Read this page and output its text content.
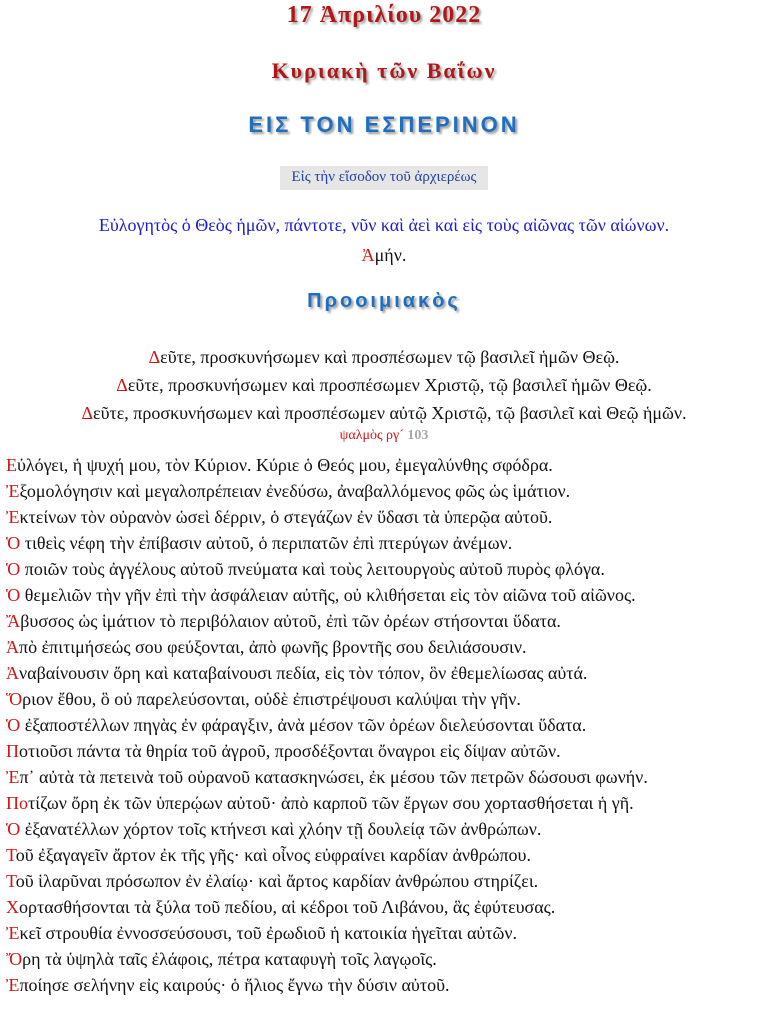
17 Ἀπριλίου 2022
Κυριακὴ τῶν Βαΐων
ΕΙΣ ΤΟΝ ΕΣΠΕΡΙΝΟΝ
Εἰς τὴν εἴσοδον τοῦ ἀρχιερέως
Εὐλογητὸς ὁ Θεὸς ἡμῶν, πάντοτε, νῦν καὶ ἀεὶ καὶ εἰς τοὺς αἰῶνας τῶν αἰώνων.
Ἀμήν.
Προοιμιακὸς
Δεῦτε, προσκυνήσωμεν καὶ προσπέσωμεν τῷ βασιλεῖ ἡμῶν Θεῷ.
Δεῦτε, προσκυνήσωμεν καὶ προσπέσωμεν Χριστῷ, τῷ βασιλεῖ ἡμῶν Θεῷ.
Δεῦτε, προσκυνήσωμεν καὶ προσπέσωμεν αὐτῷ Χριστῷ, τῷ βασιλεῖ καὶ Θεῷ ἡμῶν.
ψαλμὸς ργ´ 103
Εὐλόγει, ἡ ψυχή μου, τὸν Κύριον. Κύριε ὁ Θεός μου, ἐμεγαλύνθης σφόδρα.
Ἐξομολόγησιν καὶ μεγαλοπρέπειαν ἐνεδύσω, ἀναβαλλόμενος φῶς ὡς ἱμάτιον.
Ἐκτείνων τὸν οὐρανὸν ὡσεὶ δέρριν, ὁ στεγάζων ἐν ὕδασι τὰ ὑπερῷα αὐτοῦ.
Ὁ τιθεὶς νέφη τὴν ἐπίβασιν αὐτοῦ, ὁ περιπατῶν ἐπὶ πτερύγων ἀνέμων.
Ὁ ποιῶν τοὺς ἀγγέλους αὐτοῦ πνεύματα καὶ τοὺς λειτουργοὺς αὐτοῦ πυρὸς φλόγα.
Ὁ θεμελιῶν τὴν γῆν ἐπὶ τὴν ἀσφάλειαν αὐτῆς, οὐ κλιθήσεται εἰς τὸν αἰῶνα τοῦ αἰῶνος.
Ἄβυσσος ὡς ἱμάτιον τὸ περιβόλαιον αὐτοῦ, ἐπὶ τῶν ὀρέων στήσονται ὕδατα.
Ἀπὸ ἐπιτιμήσεώς σου φεύξονται, ἀπὸ φωνῆς βροντῆς σου δειλιάσουσιν.
Ἀναβαίνουσιν ὄρη καὶ καταβαίνουσι πεδία, εἰς τὸν τόπον, ὃν ἐθεμελίωσας αὐτά.
Ὅριον ἔθου, ὃ οὐ παρελεύσονται, οὐδὲ ἐπιστρέψουσι καλύψαι τὴν γῆν.
Ὁ ἐξαποστέλλων πηγὰς ἐν φάραγξιν, ἀνὰ μέσον τῶν ὀρέων διελεύσονται ὕδατα.
Ποτιοῦσι πάντα τὰ θηρία τοῦ ἀγροῦ, προσδέξονται ὄναγροι εἰς δίψαν αὐτῶν.
Ἐπ᾽ αὐτὰ τὰ πετεινὰ τοῦ οὐρανοῦ κατασκηνώσει, ἐκ μέσου τῶν πετρῶν δώσουσι φωνήν.
Ποτίζων ὄρη ἐκ τῶν ὑπερῴων αὐτοῦ· ἀπὸ καρποῦ τῶν ἔργων σου χορτασθήσεται ἡ γῆ.
Ὁ ἐξανατέλλων χόρτον τοῖς κτήνεσι καὶ χλόην τῇ δουλείᾳ τῶν ἀνθρώπων.
Τοῦ ἐξαγαγεῖν ἄρτον ἐκ τῆς γῆς· καὶ οἶνος εὐφραίνει καρδίαν ἀνθρώπου.
Τοῦ ἱλαρῦναι πρόσωπον ἐν ἐλαίῳ· καὶ ἄρτος καρδίαν ἀνθρώπου στηρίζει.
Χορτασθήσονται τὰ ξύλα τοῦ πεδίου, αἱ κέδροι τοῦ Λιβάνου, ἃς ἐφύτευσας.
Ἐκεῖ στρουθία ἐννοσσεύσουσι, τοῦ ἐρωδιοῦ ἡ κατοικία ἡγεῖται αὐτῶν.
Ὄρη τὰ ὑψηλὰ ταῖς ἐλάφοις, πέτρα καταφυγὴ τοῖς λαγῳοῖς.
Ἐποίησε σελήνην εἰς καιρούς· ὁ ἥλιος ἔγνω τὴν δύσιν αὐτοῦ.
